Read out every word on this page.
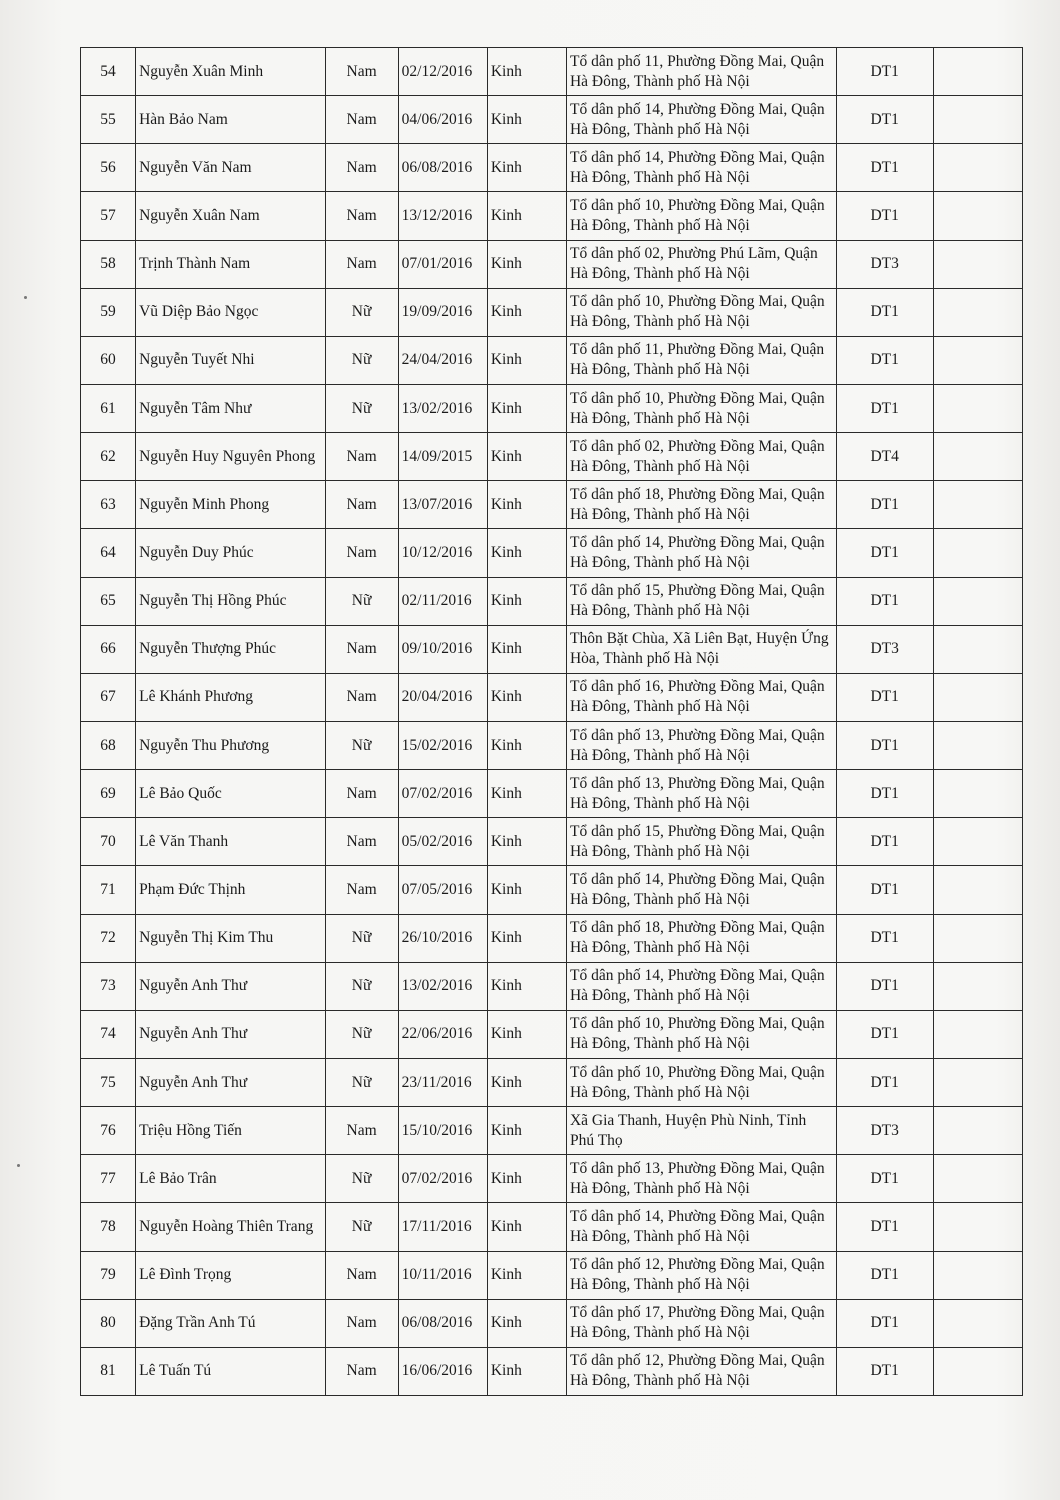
54	Nguyễn Xuân Minh	Nam	02/12/2016	Kinh	Tổ dân phố 11, Phường Đồng Mai, Quận Hà Đông, Thành phố Hà Nội	DT1	
55	Hàn Bảo Nam	Nam	04/06/2016	Kinh	Tổ dân phố 14, Phường Đồng Mai, Quận Hà Đông, Thành phố Hà Nội	DT1	
56	Nguyễn Văn Nam	Nam	06/08/2016	Kinh	Tổ dân phố 14, Phường Đồng Mai, Quận Hà Đông, Thành phố Hà Nội	DT1	
57	Nguyễn Xuân Nam	Nam	13/12/2016	Kinh	Tổ dân phố 10, Phường Đồng Mai, Quận Hà Đông, Thành phố Hà Nội	DT1	
58	Trịnh Thành Nam	Nam	07/01/2016	Kinh	Tổ dân phố 02, Phường Phú Lãm, Quận Hà Đông, Thành phố Hà Nội	DT3	
59	Vũ Diệp Bảo Ngọc	Nữ	19/09/2016	Kinh	Tổ dân phố 10, Phường Đồng Mai, Quận Hà Đông, Thành phố Hà Nội	DT1	
60	Nguyễn Tuyết Nhi	Nữ	24/04/2016	Kinh	Tổ dân phố 11, Phường Đồng Mai, Quận Hà Đông, Thành phố Hà Nội	DT1	
61	Nguyễn Tâm Như	Nữ	13/02/2016	Kinh	Tổ dân phố 10, Phường Đồng Mai, Quận Hà Đông, Thành phố Hà Nội	DT1	
62	Nguyễn Huy Nguyên Phong	Nam	14/09/2015	Kinh	Tổ dân phố 02, Phường Đồng Mai, Quận Hà Đông, Thành phố Hà Nội	DT4	
63	Nguyễn Minh Phong	Nam	13/07/2016	Kinh	Tổ dân phố 18, Phường Đồng Mai, Quận Hà Đông, Thành phố Hà Nội	DT1	
64	Nguyễn Duy Phúc	Nam	10/12/2016	Kinh	Tổ dân phố 14, Phường Đồng Mai, Quận Hà Đông, Thành phố Hà Nội	DT1	
65	Nguyễn Thị Hồng Phúc	Nữ	02/11/2016	Kinh	Tổ dân phố 15, Phường Đồng Mai, Quận Hà Đông, Thành phố Hà Nội	DT1	
66	Nguyễn Thượng Phúc	Nam	09/10/2016	Kinh	Thôn Bặt Chùa, Xã Liên Bạt, Huyện Ứng Hòa, Thành phố Hà Nội	DT3	
67	Lê Khánh Phương	Nam	20/04/2016	Kinh	Tổ dân phố 16, Phường Đồng Mai, Quận Hà Đông, Thành phố Hà Nội	DT1	
68	Nguyễn Thu Phương	Nữ	15/02/2016	Kinh	Tổ dân phố 13, Phường Đồng Mai, Quận Hà Đông, Thành phố Hà Nội	DT1	
69	Lê Bảo Quốc	Nam	07/02/2016	Kinh	Tổ dân phố 13, Phường Đồng Mai, Quận Hà Đông, Thành phố Hà Nội	DT1	
70	Lê Văn Thanh	Nam	05/02/2016	Kinh	Tổ dân phố 15, Phường Đồng Mai, Quận Hà Đông, Thành phố Hà Nội	DT1	
71	Phạm Đức Thịnh	Nam	07/05/2016	Kinh	Tổ dân phố 14, Phường Đồng Mai, Quận Hà Đông, Thành phố Hà Nội	DT1	
72	Nguyễn Thị Kim Thu	Nữ	26/10/2016	Kinh	Tổ dân phố 18, Phường Đồng Mai, Quận Hà Đông, Thành phố Hà Nội	DT1	
73	Nguyễn Anh Thư	Nữ	13/02/2016	Kinh	Tổ dân phố 14, Phường Đồng Mai, Quận Hà Đông, Thành phố Hà Nội	DT1	
74	Nguyễn Anh Thư	Nữ	22/06/2016	Kinh	Tổ dân phố 10, Phường Đồng Mai, Quận Hà Đông, Thành phố Hà Nội	DT1	
75	Nguyễn Anh Thư	Nữ	23/11/2016	Kinh	Tổ dân phố 10, Phường Đồng Mai, Quận Hà Đông, Thành phố Hà Nội	DT1	
76	Triệu Hồng Tiến	Nam	15/10/2016	Kinh	Xã Gia Thanh, Huyện Phù Ninh, Tỉnh Phú Thọ	DT3	
77	Lê Bảo Trân	Nữ	07/02/2016	Kinh	Tổ dân phố 13, Phường Đồng Mai, Quận Hà Đông, Thành phố Hà Nội	DT1	
78	Nguyễn Hoàng Thiên Trang	Nữ	17/11/2016	Kinh	Tổ dân phố 14, Phường Đồng Mai, Quận Hà Đông, Thành phố Hà Nội	DT1	
79	Lê Đình Trọng	Nam	10/11/2016	Kinh	Tổ dân phố 12, Phường Đồng Mai, Quận Hà Đông, Thành phố Hà Nội	DT1	
80	Đặng Trần Anh Tú	Nam	06/08/2016	Kinh	Tổ dân phố 17, Phường Đồng Mai, Quận Hà Đông, Thành phố Hà Nội	DT1	
81	Lê Tuấn Tú	Nam	16/06/2016	Kinh	Tổ dân phố 12, Phường Đồng Mai, Quận Hà Đông, Thành phố Hà Nội	DT1	
